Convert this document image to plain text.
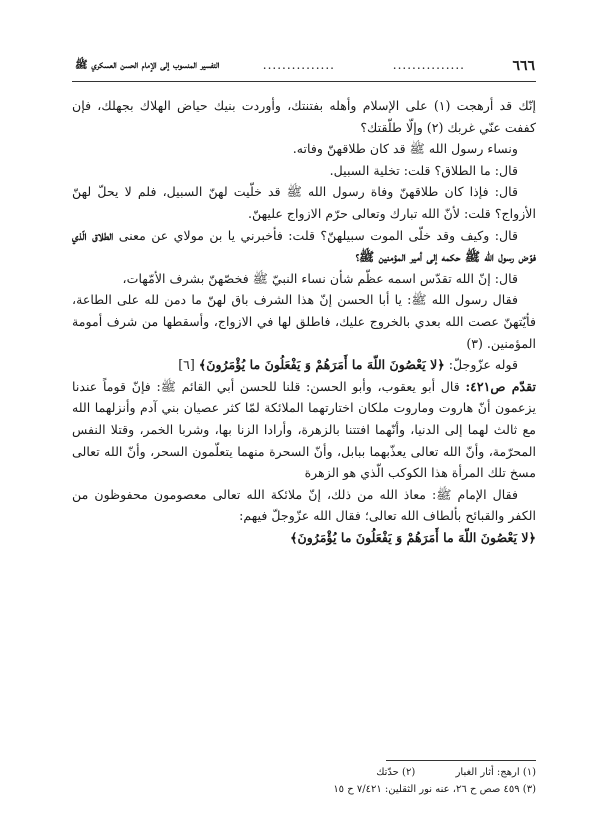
٦٦٦
...............
...............
التفسير المنسوب إلى الإمام الحسن العسكري ﷺ

إنّك قد أرهجت (١) على الإسلام وأهله بفتنتك، وأوردت بنيك حياض الهلاك بجهلك، فإن كففت عنّي غربك (٢) وإلّا طلّقتك؟

ونساء رسول الله ﷺ قد كان طلاقهنّ وفاته.

قال: ما الطلاق؟ قلت: تخلية السبيل.

قال: فإذا كان طلاقهنّ وفاة رسول الله ﷺ قد خلّيت لهنّ السبيل، فلم لا يحلّ لهنّ الأزواج؟ قلت: لأنّ الله تبارك وتعالى حرّم الازواج عليهنّ.

قال: وكيف وقد خلّى الموت سبيلهنّ؟ قلت: فأخبرني يا بن مولاي عن معنى الطلاق الّذي فوّض رسول الله ﷺ حكمه إلى أمير المؤمنين ﷺ؟

قال: إنّ الله تقدّس اسمه عظّم شأن نساء النبيّ ﷺ فخصّهنّ بشرف الأمّهات،

فقال رسول الله ﷺ: يا أبا الحسن إنّ هذا الشرف باق لهنّ ما دمن لله على الطاعة، فأيّتهنّ عصت الله بعدي بالخروج عليك، فاطلق لها في الازواج، وأسقطها من شرف أمومة المؤمنين. (٣)

قوله عزّوجلّ: ﴿لا يَعْصُونَ اللّهَ ما أَمَرَهُمْ وَ يَفْعَلُونَ ما يُؤْمَرُونَ﴾ [٦]

تقدّم ص٤٢١: قال أبو يعقوب، وأبو الحسن: قلنا للحسن أبي القائم ﷺ: فإنّ قوماً عندنا يزعمون أنّ هاروت وماروت ملكان اختارتهما الملائكة لمّا كثر عصيان بني آدم وأنزلهما الله مع ثالث لهما إلى الدنيا، وأنّهما افتتنا بالزهرة، وأرادا الزنا بها، وشربا الخمر، وقتلا النفس المحرّمة، وأنّ الله تعالى يعذّبهما ببابل، وأنّ السحرة منهما يتعلّمون السحر، وأنّ الله تعالى مسخ تلك المرأة هذا الكوكب الّذي هو الزهرة

فقال الإمام ﷺ: معاذ الله من ذلك، إنّ ملائكة الله تعالى معصومون محفوظون من الكفر والقبائح بألطاف الله تعالى؛ فقال الله عزّوجلّ فيهم:

﴿لا يَعْصُونَ اللّهَ ما أَمَرَهُمْ وَ يَفْعَلُونَ ما يُؤْمَرُونَ﴾

(١) ارهج: أثار الغبار  (٢) حدّتك

(٣) ٤٥٩ صص ح ٢٦، عنه نور الثقلين: ٧/٤٢١ ح ١٥
